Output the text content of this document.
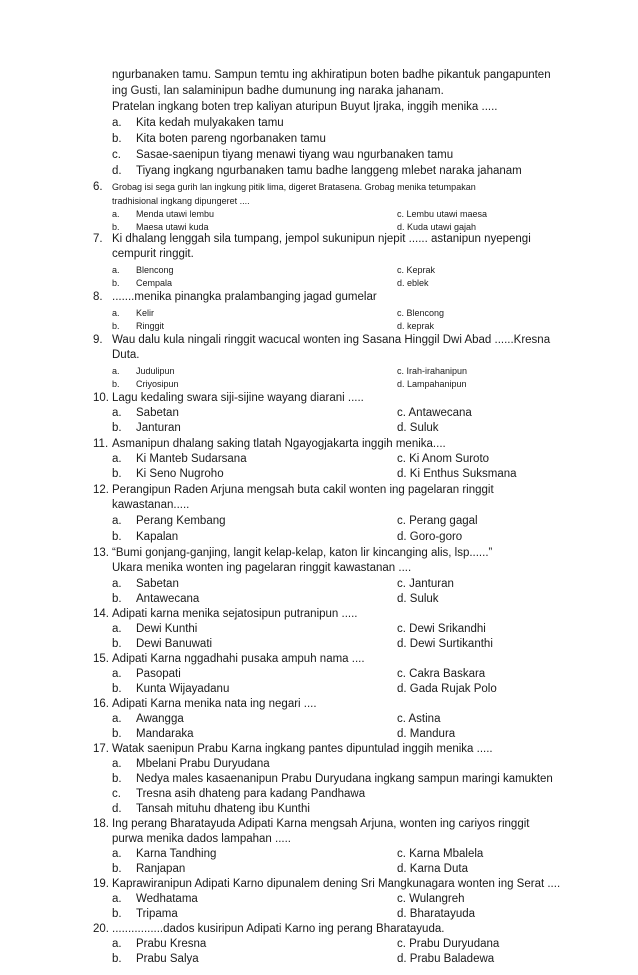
ngurbanaken tamu. Sampun temtu ing akhiratipun boten badhe pikantuk pangapunten
ing Gusti, lan salaminipun badhe dumunung ing naraka jahanam.
Pratelan ingkang boten trep kaliyan aturipun Buyut Ijraka, inggih menika .....
a. Kita kedah mulyakaken tamu
b. Kita boten pareng ngorbanaken tamu
c. Sasae-saenipun tiyang menawi tiyang wau ngurbanaken tamu
d. Tiyang ingkang ngurbanaken tamu badhe langgeng mlebet naraka jahanam
6. Grobag isi sega gurih lan ingkung pitik lima, digeret Bratasena. Grobag menika tetumpakan
tradhisional ingkang dipungeret ....
a. Menda utawi lembu	c. Lembu utawi maesa
b. Maesa utawi kuda	d. Kuda utawi gajah
7. Ki dhalang lenggah sila tumpang, jempol sukunipun njepit ...... astanipun nyepengi
cempurit ringgit.
a. Blencong	c. Keprak
b. Cempala	d. eblek
8. .......menika pinangka pralambanging jagad gumelar
a. Kelir	c. Blencong
b. Ringgit	d. keprak
9. Wau dalu kula ningali ringgit wacucal wonten ing Sasana Hinggil Dwi Abad ......Kresna
Duta.
a. Judulipun	c. Irah-irahanipun
b. Criyosipun	d. Lampahanipun
10. Lagu kedaling swara siji-sijine wayang diarani .....
a. Sabetan	c. Antawecana
b. Janturan	d. Suluk
11. Asmanipun dhalang saking tlatah Ngayogjakarta inggih menika....
a. Ki Manteb Sudarsana	c. Ki Anom Suroto
b. Ki Seno Nugroho	d. Ki Enthus Suksmana
12. Perangipun Raden Arjuna mengsah buta cakil wonten ing pagelaran ringgit
kawastanan.....
a. Perang Kembang	c. Perang gagal
b. Kapalan	d. Goro-goro
13. “Bumi gonjang-ganjing, langit kelap-kelap, katon lir kincanging alis, lsp......”
Ukara menika wonten ing pagelaran ringgit kawastanan ....
a. Sabetan	c. Janturan
b. Antawecana	d. Suluk
14. Adipati karna menika sejatosipun putranipun .....
a. Dewi Kunthi	c. Dewi Srikandhi
b. Dewi Banuwati	d. Dewi Surtikanthi
15. Adipati Karna nggadhahi pusaka ampuh nama ....
a. Pasopati	c. Cakra Baskara
b. Kunta Wijayadanu	d. Gada Rujak Polo
16. Adipati Karna menika nata ing negari ....
a. Awangga	c. Astina
b. Mandaraka	d. Mandura
17. Watak saenipun Prabu Karna ingkang pantes dipuntulad inggih menika .....
a. Mbelani Prabu Duryudana
b. Nedya males kasaenanipun Prabu Duryudana ingkang sampun maringi kamukten
c. Tresna asih dhateng para kadang Pandhawa
d. Tansah mituhu dhateng ibu Kunthi
18. Ing perang Bharatayuda Adipati Karna mengsah Arjuna, wonten ing cariyos ringgit
purwa menika dados lampahan .....
a. Karna Tandhing	c. Karna Mbalela
b. Ranjapan	d. Karna Duta
19. Kaprawiranipun Adipati Karno dipunalem dening Sri Mangkunagara wonten ing Serat ....
a. Wedhatama	c. Wulangreh
b. Tripama	d. Bharatayuda
20. ................dados kusiripun Adipati Karno ing perang Bharatayuda.
a. Prabu Kresna	c. Prabu Duryudana
b. Prabu Salya	d. Prabu Baladewa
